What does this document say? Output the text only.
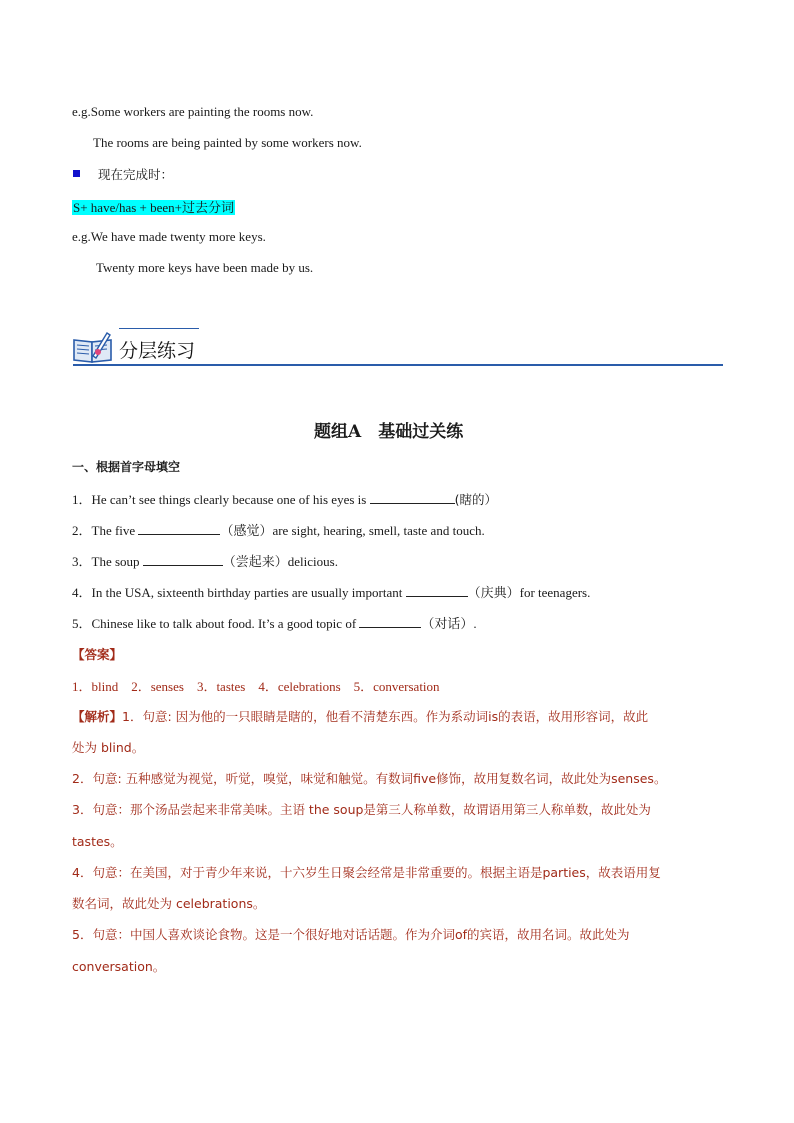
e.g.Some workers are painting the rooms now.
The rooms are being painted by some workers now.
现在完成时：
S+ have/has + been+过去分词
e.g.We have made twenty more keys.
Twenty more keys have been made by us.
分层练习
题组A　基础过关练
一、根据首字母填空
1．He can’t see things clearly because one of his eyes is	(瞎的）
2．The five	（感觉）are sight, hearing, smell, taste and touch.
3．The soup	（尝起来）delicious.
4．In the USA, sixteenth birthday parties are usually important	（庆典）for teenagers.
5．Chinese like to talk about food. It’s a good topic of	（对话）.
【答案】
1．blind　2．senses　3．tastes　4．celebrations　5．conversation
【解析】1．句意: 因为他的一只眼睛是瞎的，他看不清楚东西。作为系动词is的表语，故用形容词，故此
处为 blind。
2．句意: 五种感觉为视觉，听觉，嗅觉，味觉和触觉。有数词five修饰，故用复数名词，故此处为senses。
3．句意：那个汤品尝起来非常美味。主语 the soup是第三人称单数，故谓语用第三人称单数，故此处为
tastes。
4．句意：在美国，对于青少年来说，十六岁生日聚会经常是非常重要的。根据主语是parties，故表语用复
数名词，故此处为 celebrations。
5．句意：中国人喜欢谈论食物。这是一个很好地对话话题。作为介词of的宾语，故用名词。故此处为
conversation。
